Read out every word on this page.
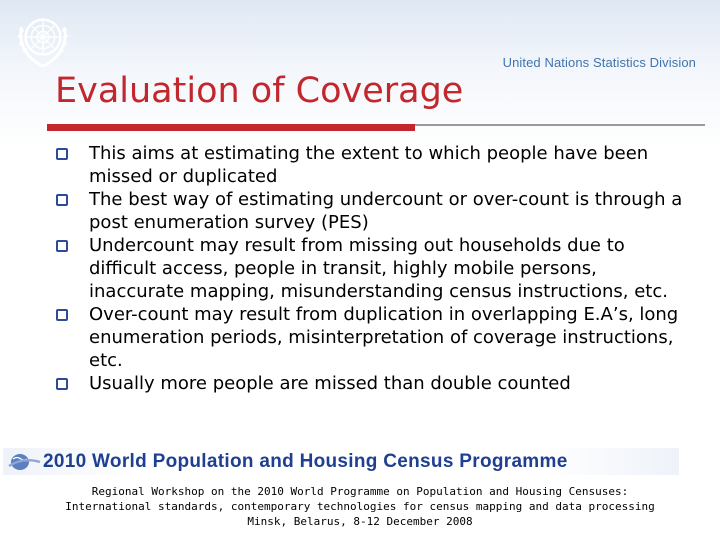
United Nations Statistics Division
Evaluation of Coverage
This aims at estimating the extent to which people have been missed or duplicated
The best way of estimating undercount or over-count is through a post enumeration survey (PES)
Undercount may result from missing out households due to difficult access, people in transit, highly mobile persons, inaccurate mapping, misunderstanding census instructions, etc.
Over-count may result from duplication in overlapping E.A’s, long enumeration periods, misinterpretation of coverage instructions, etc.
Usually more people are missed than double counted
2010 World Population and Housing Census Programme
Regional Workshop on the 2010 World Programme on Population and Housing Censuses:
International standards, contemporary technologies for census mapping and data processing
Minsk, Belarus, 8-12 December 2008
